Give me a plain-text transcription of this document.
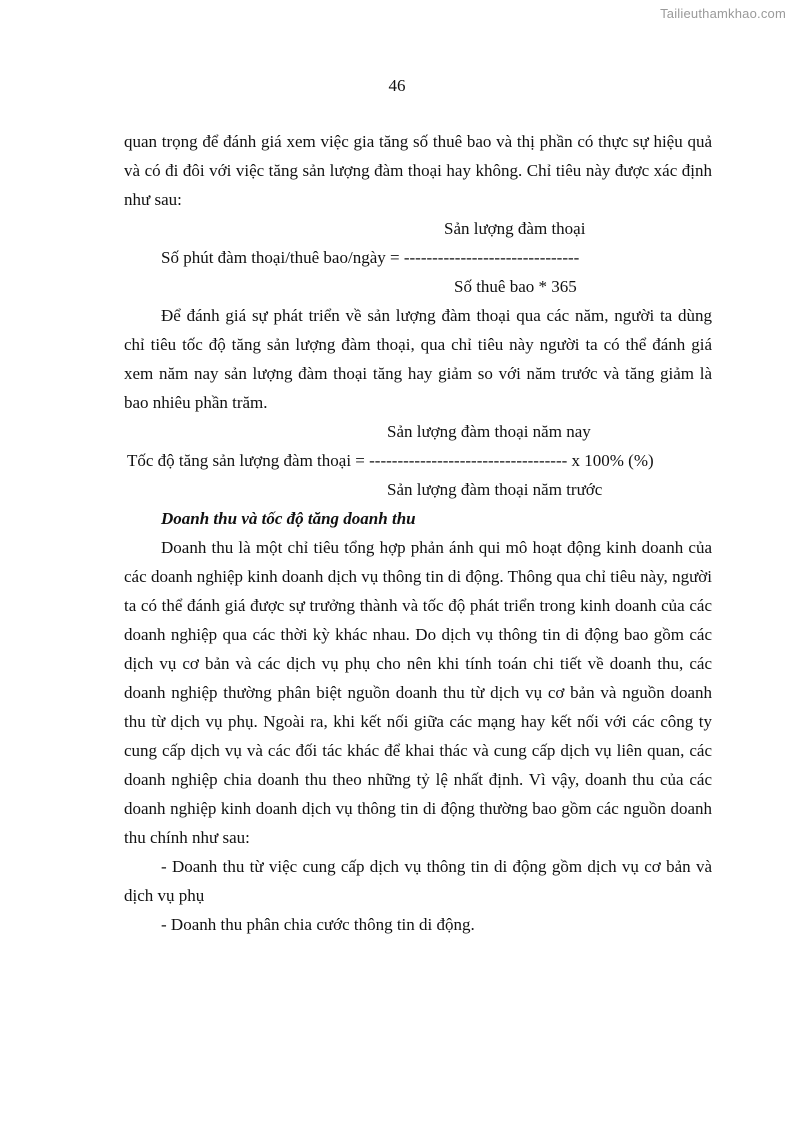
Tailieuthamkhao.com
46

quan trọng để đánh giá xem việc gia tăng số thuê bao và thị phần có thực sự hiệu quả và có đi đôi với việc tăng sản lượng đàm thoại hay không. Chỉ tiêu này được xác định như sau:

Sản lượng đàm thoại
Số phút đàm thoại/thuê bao/ngày = -------------------------------
Số thuê bao * 365

Để đánh giá sự phát triển về sản lượng đàm thoại qua các năm, người ta dùng chỉ tiêu tốc độ tăng sản lượng đàm thoại, qua chỉ tiêu này người ta có thể đánh giá xem năm nay sản lượng đàm thoại tăng hay giảm so với năm trước và tăng giảm là bao nhiêu phần trăm.

Sản lượng đàm thoại năm nay
Tốc độ tăng sản lượng đàm thoại = ----------------------------------- x 100% (%)
Sản lượng đàm thoại năm trước

Doanh thu và tốc độ tăng doanh thu

Doanh thu là một chỉ tiêu tổng hợp phản ánh qui mô hoạt động kinh doanh của các doanh nghiệp kinh doanh dịch vụ thông tin di động. Thông qua chỉ tiêu này, người ta có thể đánh giá được sự trưởng thành và tốc độ phát triển trong kinh doanh của các doanh nghiệp qua các thời kỳ khác nhau. Do dịch vụ thông tin di động bao gồm các dịch vụ cơ bản và các dịch vụ phụ cho nên khi tính toán chi tiết về doanh thu, các doanh nghiệp thường phân biệt nguồn doanh thu từ dịch vụ cơ bản và nguồn doanh thu từ dịch vụ phụ. Ngoài ra, khi kết nối giữa các mạng hay kết nối với các công ty cung cấp dịch vụ và các đối tác khác để khai thác và cung cấp dịch vụ liên quan, các doanh nghiệp chia doanh thu theo những tỷ lệ nhất định. Vì vậy, doanh thu của các doanh nghiệp kinh doanh dịch vụ thông tin di động thường bao gồm các nguồn doanh thu chính như sau:

- Doanh thu từ việc cung cấp dịch vụ thông tin di động gồm dịch vụ cơ bản và dịch vụ phụ

- Doanh thu phân chia cước thông tin di động.
